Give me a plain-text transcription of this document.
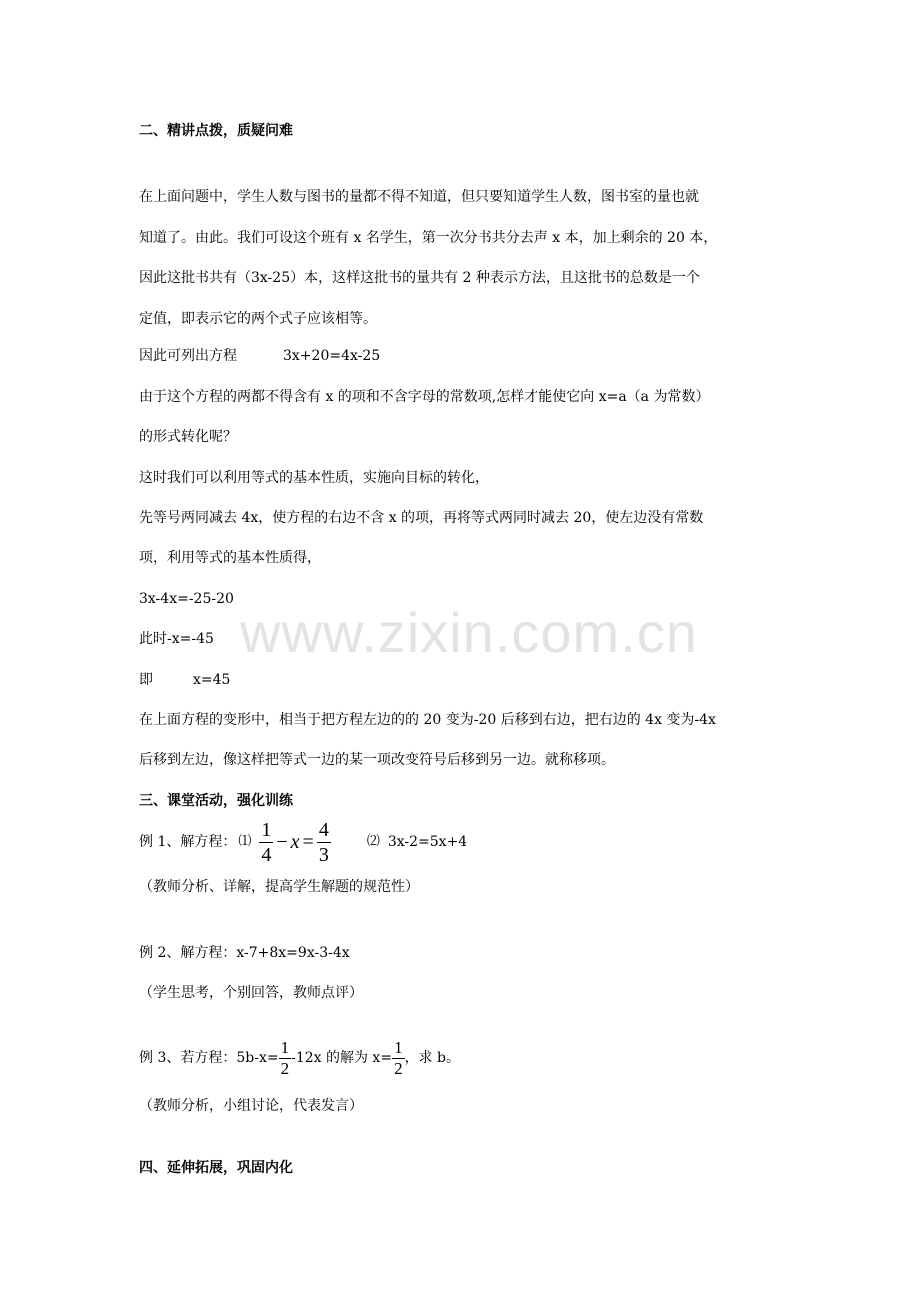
www.zixin.com.cn
二、精讲点拨，质疑问难
在上面问题中，学生人数与图书的量都不得不知道，但只要知道学生人数，图书室的量也就
知道了。由此。我们可设这个班有 x 名学生，第一次分书共分去声 x 本，加上剩余的 20 本，
因此这批书共有（3x-25）本，这样这批书的量共有 2 种表示方法，且这批书的总数是一个
定值，即表示它的两个式子应该相等。
因此可列出方程	3x+20=4x-25
由于这个方程的两都不得含有 x 的项和不含字母的常数项,怎样才能使它向 x=a（a 为常数）
的形式转化呢？
这时我们可以利用等式的基本性质，实施向目标的转化，
先等号两同减去 4x，使方程的右边不含 x 的项，再将等式两同时减去 20，使左边没有常数
项，利用等式的基本性质得，
3x-4x=-25-20
此时-x=-45
即	x=45
在上面方程的变形中，相当于把方程左边的的 20 变为-20 后移到右边，把右边的 4x 变为-4x
后移到左边，像这样把等式一边的某一项改变符号后移到另一边。就称移项。
三、课堂活动，强化训练
例 1、解方程： ⑴ $\frac{1}{4} - x = \frac{4}{3}$	⑵ 3x-2=5x+4
（教师分析、详解，提高学生解题的规范性）
例 2、解方程：x-7+8x=9x-3-4x
（学生思考，个别回答，教师点评）
例 3、若方程：$5b-x= \frac{1}{2} -12x$ 的解为 $x= \frac{1}{2}$ ，求 b。
（教师分析，小组讨论，代表发言）
四、延伸拓展，巩固内化
